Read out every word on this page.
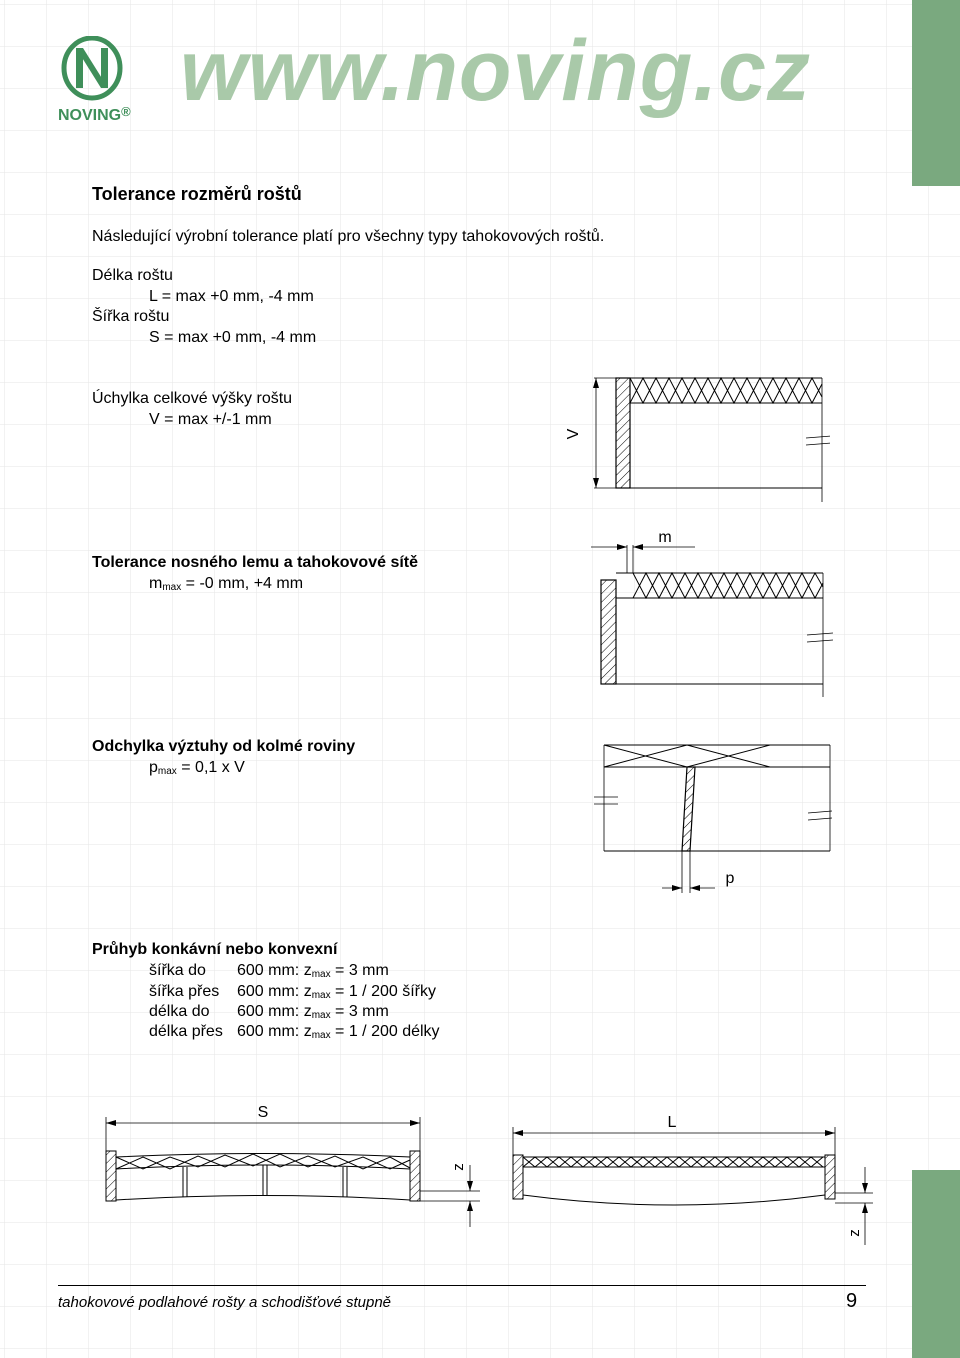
www.noving.cz
NOVING®
Tolerance rozměrů roštů
Následující výrobní tolerance platí pro všechny typy tahokovových roštů.
Délka roštu
L = max +0 mm, -4 mm
Šířka roštu
S = max +0 mm, -4 mm
Úchylka celkové výšky roštu
V = max +/-1 mm
Tolerance nosného lemu a tahokovové sítě
$m_{max} = -0$ mm, +4 mm
Odchylka výztuhy od kolmé roviny
$p_{max} = 0,1$ x V
Průhyb konkávní nebo konvexní
šířka do 600 mm: $z_{max} = 3$ mm
šířka přes 600 mm: $z_{max} = 1 / 200$ šířky
délka do 600 mm: $z_{max} = 3$ mm
délka přes 600 mm: $z_{max} = 1 / 200$ délky
V
m
p
S
z
L
z
tahokovové podlahové rošty a schodišťové stupně	9
